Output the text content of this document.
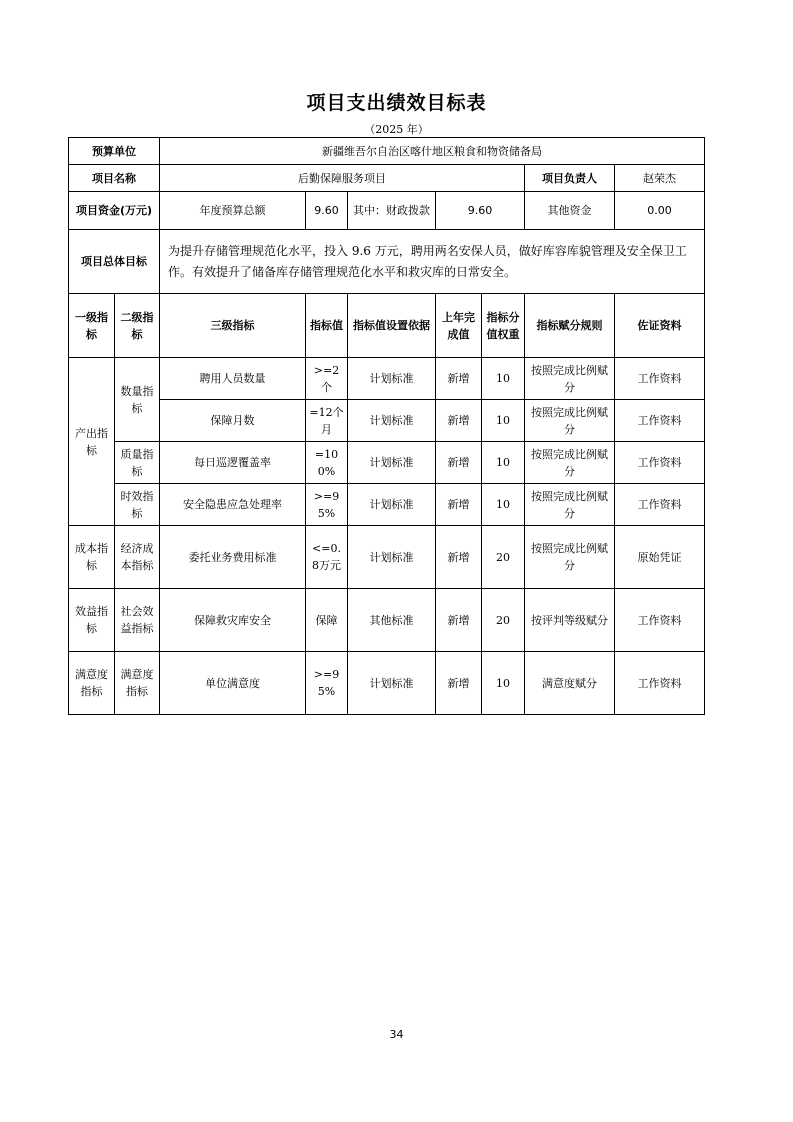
项目支出绩效目标表
（2025 年）
预算单位		新疆维吾尔自治区喀什地区粮食和物资储备局						
项目名称		后勤保障服务项目					项目负责人	赵荣杰
项目资金(万元)		年度预算总额	9.60	其中：财政拨款	9.60		其他资金	0.00
项目总体目标		为提升存储管理规范化水平，投入 9.6 万元，聘用两名安保人员，做好库容库貌管理及安全保卫工作。有效提升了储备库存储管理规范化水平和救灾库的日常安全。						
一级指标	二级指标	三级指标	指标值	指标值设置依据	上年完成值	指标分值权重	指标赋分规则	佐证资料
产出指标	数量指标	聘用人员数量	>=2个	计划标准	新增	10	按照完成比例赋分	工作资料
		保障月数	=12个月	计划标准	新增	10	按照完成比例赋分	工作资料
	质量指标	每日巡逻覆盖率	=100%	计划标准	新增	10	按照完成比例赋分	工作资料
	时效指标	安全隐患应急处理率	>=95%	计划标准	新增	10	按照完成比例赋分	工作资料
成本指标	经济成本指标	委托业务费用标准	<=0.8万元	计划标准	新增	20	按照完成比例赋分	原始凭证
效益指标	社会效益指标	保障救灾库安全	保障	其他标准	新增	20	按评判等级赋分	工作资料
满意度指标	满意度指标	单位满意度	>=95%	计划标准	新增	10	满意度赋分	工作资料
34
